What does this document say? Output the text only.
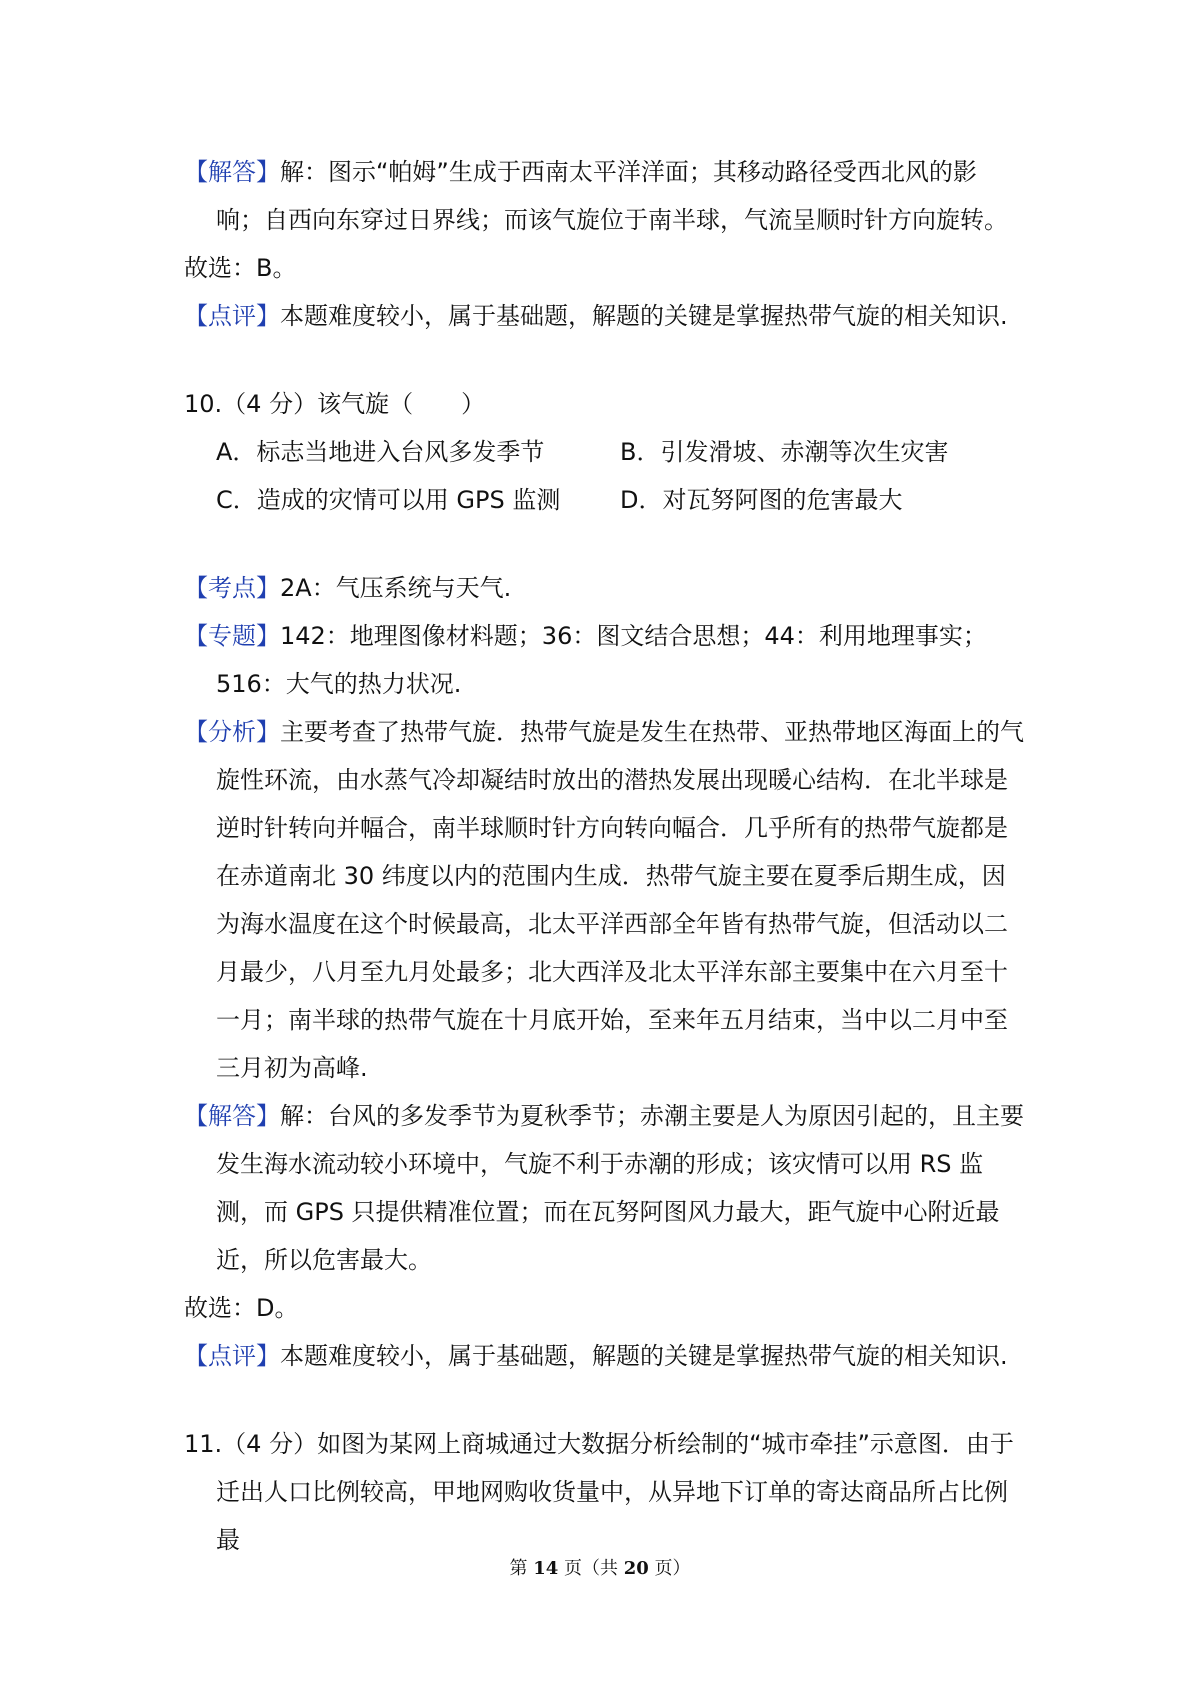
【解答】解：图示“帕姆”生成于西南太平洋洋面；其移动路径受西北风的影响；自西向东穿过日界线；而该气旋位于南半球，气流呈顺时针方向旋转。
故选：B。
【点评】本题难度较小，属于基础题，解题的关键是掌握热带气旋的相关知识.
10.（4 分）该气旋（　　）
A．标志当地进入台风多发季节	B．引发滑坡、赤潮等次生灾害
C．造成的灾情可以用 GPS 监测	D．对瓦努阿图的危害最大
【考点】2A：气压系统与天气.
【专题】142：地理图像材料题；36：图文结合思想；44：利用地理事实；516：大气的热力状况.
【分析】主要考查了热带气旋．热带气旋是发生在热带、亚热带地区海面上的气旋性环流，由水蒸气冷却凝结时放出的潜热发展出现暖心结构．在北半球是逆时针转向并幅合，南半球顺时针方向转向幅合．几乎所有的热带气旋都是在赤道南北 30 纬度以内的范围内生成．热带气旋主要在夏季后期生成，因为海水温度在这个时候最高，北太平洋西部全年皆有热带气旋，但活动以二月最少，八月至九月处最多；北大西洋及北太平洋东部主要集中在六月至十一月；南半球的热带气旋在十月底开始，至来年五月结束，当中以二月中至三月初为高峰.
【解答】解：台风的多发季节为夏秋季节；赤潮主要是人为原因引起的，且主要发生海水流动较小环境中，气旋不利于赤潮的形成；该灾情可以用 RS 监测，而 GPS 只提供精准位置；而在瓦努阿图风力最大，距气旋中心附近最近，所以危害最大。
故选：D。
【点评】本题难度较小，属于基础题，解题的关键是掌握热带气旋的相关知识.
11.（4 分）如图为某网上商城通过大数据分析绘制的“城市牵挂”示意图．由于迁出人口比例较高，甲地网购收货量中，从异地下订单的寄达商品所占比例最
第 14 页（共 20 页）
